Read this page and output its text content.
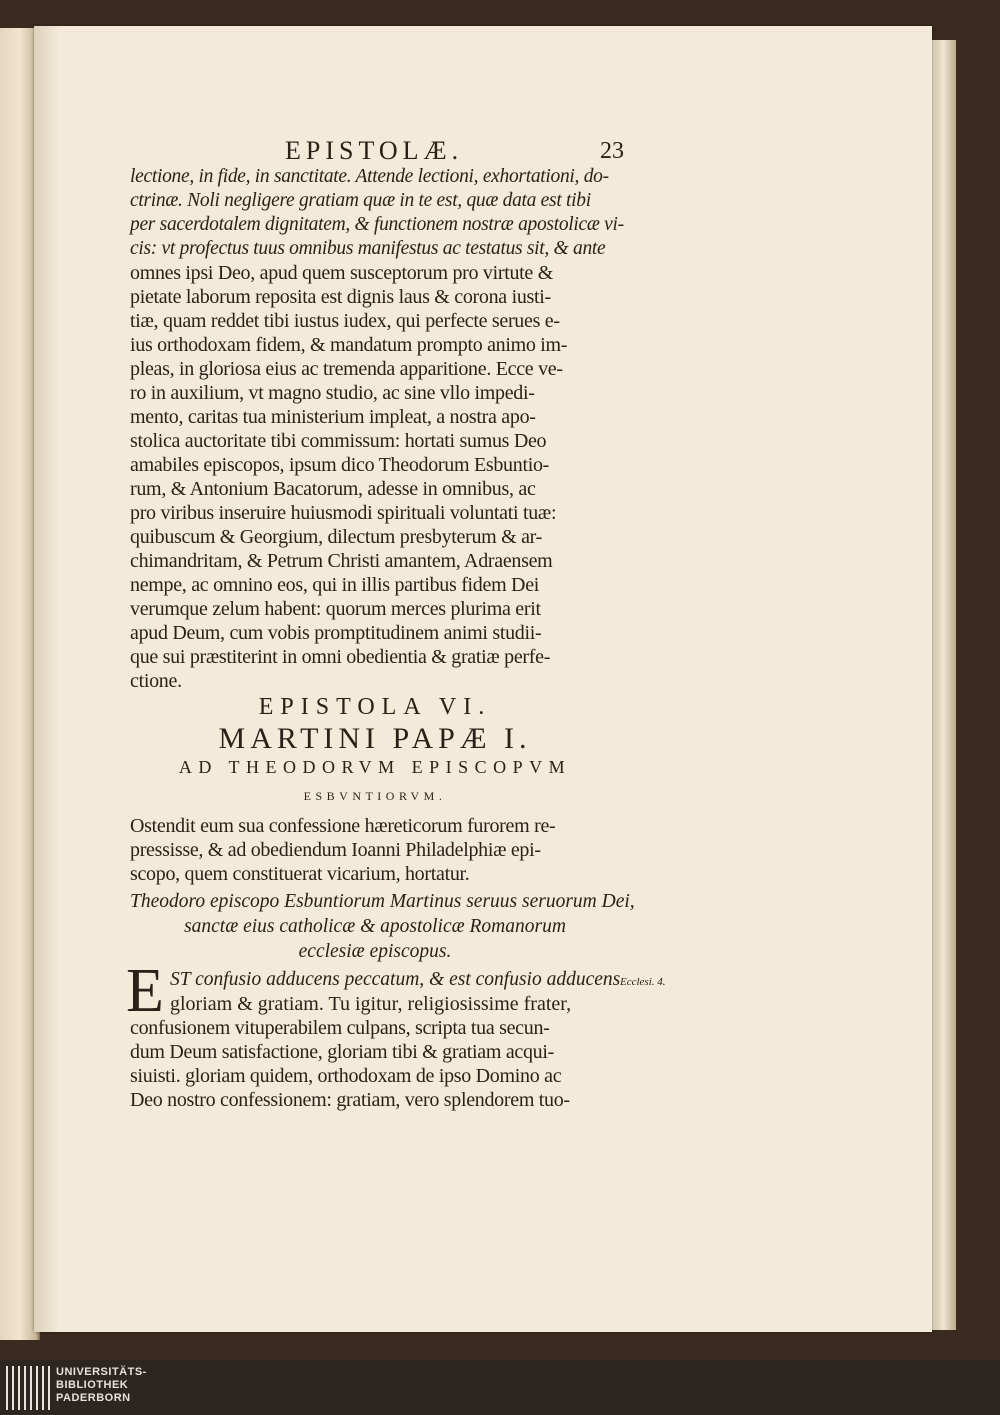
EPISTOLÆ.	23
lectione, in fide, in sanctitate. Attende lectioni, exhortationi, do-
ctrinæ. Noli negligere gratiam quæ in te est, quæ data est tibi
per sacerdotalem dignitatem, & functionem nostræ apostolicæ vi-
cis: vt profectus tuus omnibus manifestus ac testatus sit, & ante
omnes ipsi Deo, apud quem susceptorum pro virtute &
pietate laborum reposita est dignis laus & corona iusti-
tiæ, quam reddet tibi iustus iudex, qui perfecte serues e-
ius orthodoxam fidem, & mandatum prompto animo im-
pleas, in gloriosa eius ac tremenda apparitione. Ecce ve-
ro in auxilium, vt magno studio, ac sine vllo impedi-
mento, caritas tua ministerium impleat, a nostra apo-
stolica auctoritate tibi commissum: hortati sumus Deo
amabiles episcopos, ipsum dico Theodorum Esbuntio-
rum, & Antonium Bacatorum, adesse in omnibus, ac
pro viribus inseruire huiusmodi spirituali voluntati tuæ:
quibuscum & Georgium, dilectum presbyterum & ar-
chimandritam, & Petrum Christi amantem, Adraensem
nempe, ac omnino eos, qui in illis partibus fidem Dei
verumque zelum habent: quorum merces plurima erit
apud Deum, cum vobis promptitudinem animi studii-
que sui præstiterint in omni obedientia & gratiæ perfe-
ctione.
EPISTOLA VI.
MARTINI PAPÆ I.
AD THEODORVM EPISCOPVM
ESBVNTIORVM.
Ostendit eum sua confessione hæreticorum furorem re-
pressisse, & ad obediendum Ioanni Philadelphiæ epi-
scopo, quem constituerat vicarium, hortatur.
Theodoro episcopo Esbuntiorum Martinus seruus seruorum Dei,
sanctæ eius catholicæ & apostolicæ Romanorum
ecclesiæ episcopus.
E ST confusio adducens peccatum, & est confusio adducens
gloriam & gratiam. Tu igitur, religiosissime frater,
Ecclesi. 4.
confusionem vituperabilem culpans, scripta tua secun-
dum Deum satisfactione, gloriam tibi & gratiam acqui-
siuisti. gloriam quidem, orthodoxam de ipso Domino ac
Deo nostro confessionem: gratiam, vero splendorem tuo-
UNIVERSITÄTS-
BIBLIOTHEK
PADERBORN
